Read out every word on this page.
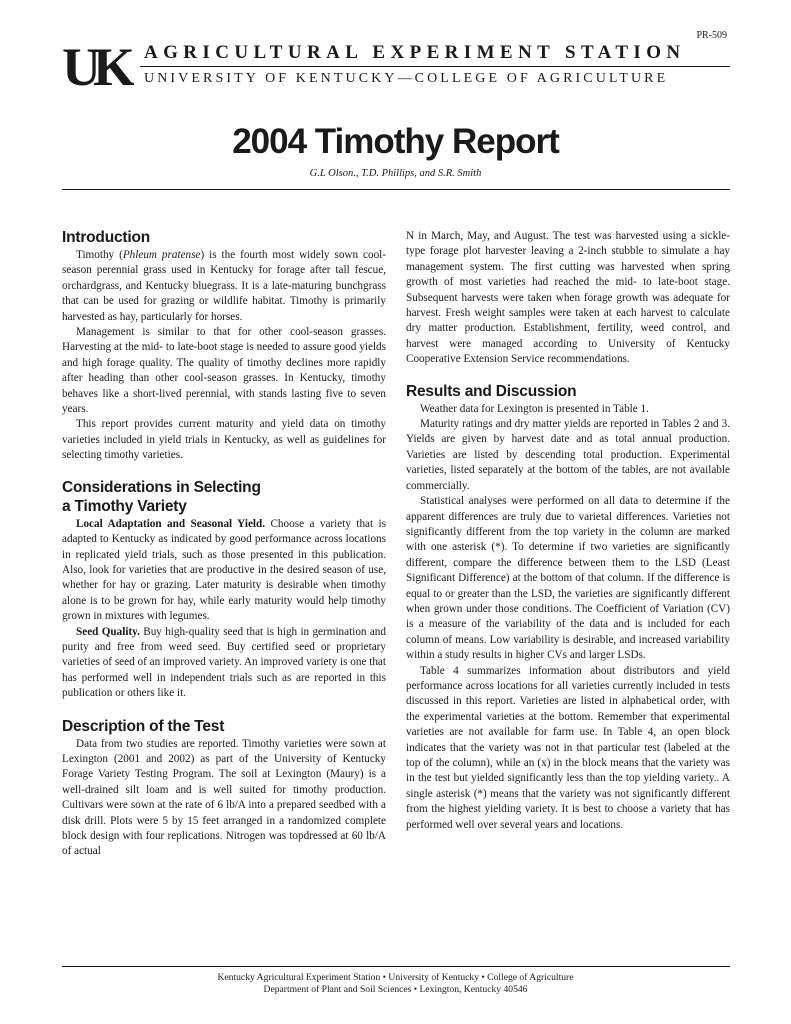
PR-509
UK AGRICULTURAL EXPERIMENT STATION
UNIVERSITY OF KENTUCKY—COLLEGE OF AGRICULTURE
2004 Timothy Report
G.L Olson., T.D. Phillips, and S.R. Smith
Introduction

Timothy (Phleum pratense) is the fourth most widely sown cool-season perennial grass used in Kentucky for forage after tall fescue, orchardgrass, and Kentucky bluegrass. It is a late-maturing bunchgrass that can be used for grazing or wildlife habitat. Timothy is primarily harvested as hay, particularly for horses.

Management is similar to that for other cool-season grasses. Harvesting at the mid- to late-boot stage is needed to assure good yields and high forage quality. The quality of timothy declines more rapidly after heading than other cool-season grasses. In Kentucky, timothy behaves like a short-lived perennial, with stands lasting five to seven years.

This report provides current maturity and yield data on timothy varieties included in yield trials in Kentucky, as well as guidelines for selecting timothy varieties.

Considerations in Selecting
a Timothy Variety

Local Adaptation and Seasonal Yield. Choose a variety that is adapted to Kentucky as indicated by good performance across locations in replicated yield trials, such as those presented in this publication. Also, look for varieties that are productive in the desired season of use, whether for hay or grazing. Later maturity is desirable when timothy alone is to be grown for hay, while early maturity would help timothy grown in mixtures with legumes.

Seed Quality. Buy high-quality seed that is high in germination and purity and free from weed seed. Buy certified seed or proprietary varieties of seed of an improved variety. An improved variety is one that has performed well in independent trials such as are reported in this publication or others like it.

Description of the Test

Data from two studies are reported. Timothy varieties were sown at Lexington (2001 and 2002) as part of the University of Kentucky Forage Variety Testing Program. The soil at Lexington (Maury) is a well-drained silt loam and is well suited for timothy production. Cultivars were sown at the rate of 6 lb/A into a prepared seedbed with a disk drill. Plots were 5 by 15 feet arranged in a randomized complete block design with four replications. Nitrogen was topdressed at 60 lb/A of actual

N in March, May, and August. The test was harvested using a sickle-type forage plot harvester leaving a 2-inch stubble to simulate a hay management system. The first cutting was harvested when spring growth of most varieties had reached the mid- to late-boot stage. Subsequent harvests were taken when forage growth was adequate for harvest. Fresh weight samples were taken at each harvest to calculate dry matter production. Establishment, fertility, weed control, and harvest were managed according to University of Kentucky Cooperative Extension Service recommendations.

Results and Discussion

Weather data for Lexington is presented in Table 1.

Maturity ratings and dry matter yields are reported in Tables 2 and 3. Yields are given by harvest date and as total annual production. Varieties are listed by descending total production. Experimental varieties, listed separately at the bottom of the tables, are not available commercially.

Statistical analyses were performed on all data to determine if the apparent differences are truly due to varietal differences. Varieties not significantly different from the top variety in the column are marked with one asterisk (*). To determine if two varieties are significantly different, compare the difference between them to the LSD (Least Significant Difference) at the bottom of that column. If the difference is equal to or greater than the LSD, the varieties are significantly different when grown under those conditions. The Coefficient of Variation (CV) is a measure of the variability of the data and is included for each column of means. Low variability is desirable, and increased variability within a study results in higher CVs and larger LSDs.

Table 4 summarizes information about distributors and yield performance across locations for all varieties currently included in tests discussed in this report. Varieties are listed in alphabetical order, with the experimental varieties at the bottom. Remember that experimental varieties are not available for farm use. In Table 4, an open block indicates that the variety was not in that particular test (labeled at the top of the column), while an (x) in the block means that the variety was in the test but yielded significantly less than the top yielding variety.. A single asterisk (*) means that the variety was not significantly different from the highest yielding variety. It is best to choose a variety that has performed well over several years and locations.

Kentucky Agricultural Experiment Station • University of Kentucky • College of Agriculture
Department of Plant and Soil Sciences • Lexington, Kentucky 40546
